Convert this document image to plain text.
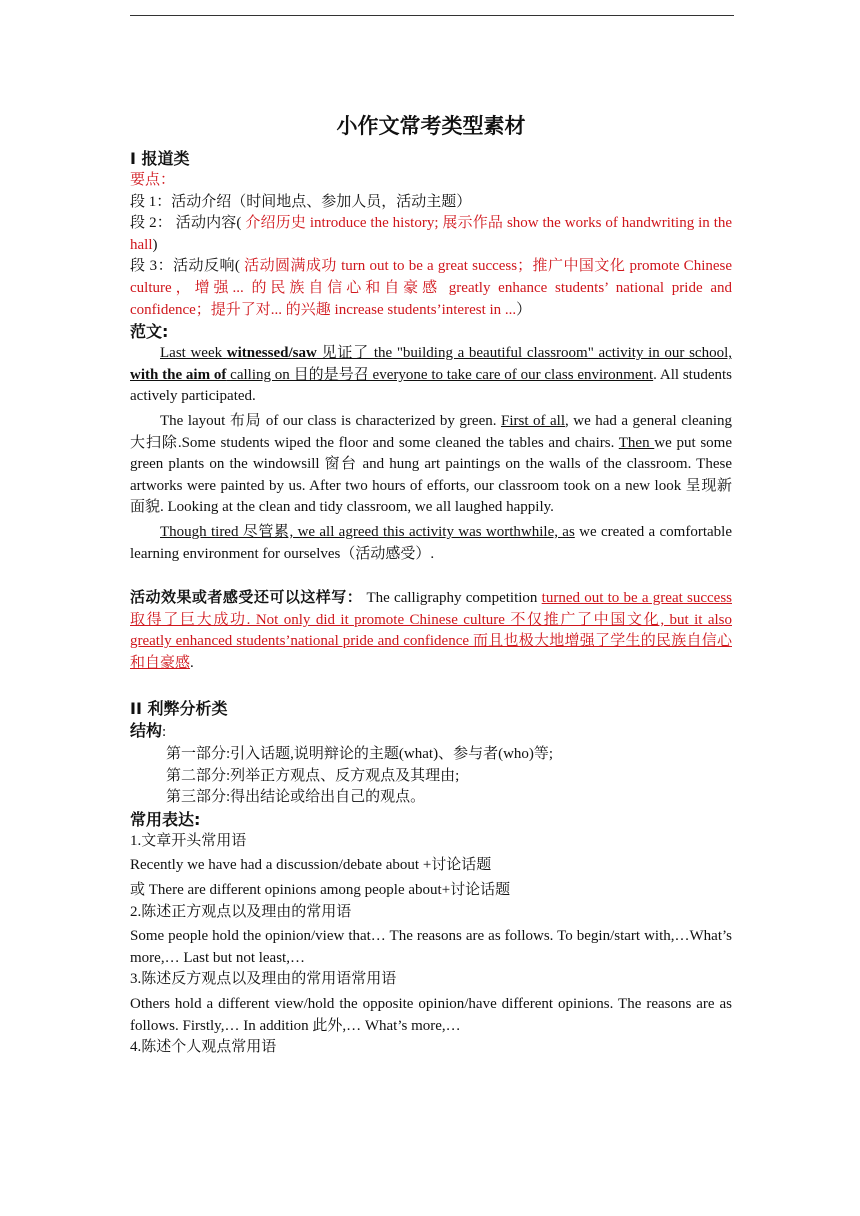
小作文常考类型素材

I 报道类

要点：

段 1：活动介绍（时间地点、参加人员，活动主题）

段 2： 活动内容( 介绍历史 introduce the history; 展示作品 show the works of handwriting in the hall)

段 3：活动反响( 活动圆满成功 turn out to be a great success；推广中国文化 promote Chinese culture，增强... 的民族自信心和自豪感 greatly enhance students’ national pride and confidence；提升了对... 的兴趣 increase students’interest in ...）

范文:

Last week witnessed/saw 见证了 the "building a beautiful classroom" activity in our school, with the aim of calling on 目的是号召 everyone to take care of our class environment. All students actively participated.

The layout 布局 of our class is characterized by green. First of all, we had a general cleaning 大扫除.Some students wiped the floor and some cleaned the tables and chairs. Then we put some green plants on the windowsill 窗台 and hung art paintings on the walls of the classroom. These artworks were painted by us. After two hours of efforts, our classroom took on a new look 呈现新面貌. Looking at the clean and tidy classroom, we all laughed happily.

Though tired 尽管累, we all agreed this activity was worthwhile, as we created a comfortable learning environment for ourselves（活动感受）.

活动效果或者感受还可以这样写： The calligraphy competition turned out to be a great success 取得了巨大成功. Not only did it promote Chinese culture 不仅推广了中国文化, but it also greatly enhanced students’national pride and confidence 而且也极大地增强了学生的民族自信心和自豪感.

II 利弊分析类

结构:

第一部分:引入话题,说明辩论的主题(what)、参与者(who)等;

第二部分:列举正方观点、反方观点及其理由;

第三部分:得出结论或给出自己的观点。

常用表达:

1.文章开头常用语

Recently we have had a discussion/debate about +讨论话题

或 There are different opinions among people about+讨论话题

2.陈述正方观点以及理由的常用语

Some people hold the opinion/view that… The reasons are as follows. To begin/start with,…What’s more,… Last but not least,…

3.陈述反方观点以及理由的常用语常用语

Others hold a different view/hold the opposite opinion/have different opinions. The reasons are as follows. Firstly,… In addition 此外,… What’s more,…

4.陈述个人观点常用语
